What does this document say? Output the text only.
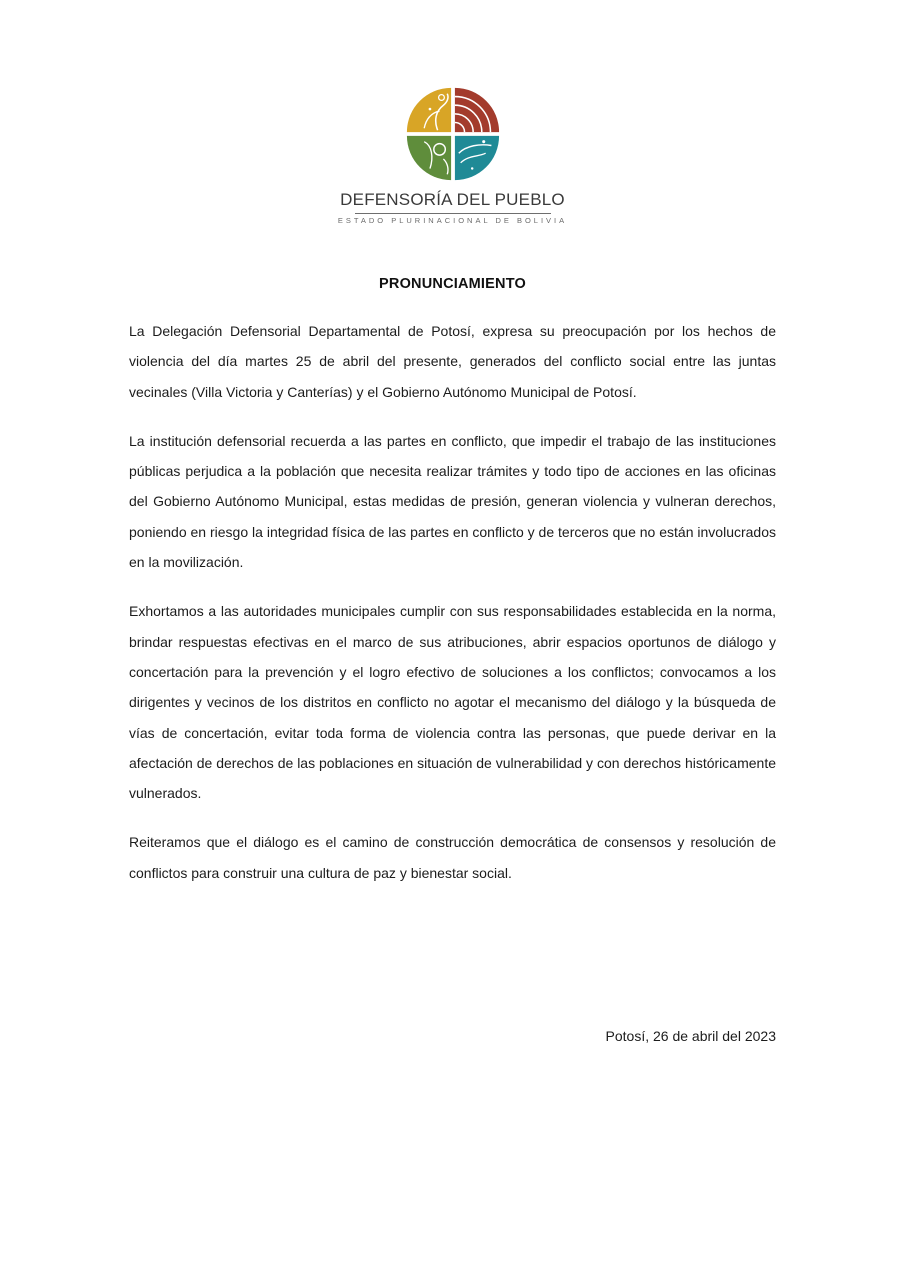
DEFENSORÍA DEL PUEBLO
ESTADO PLURINACIONAL DE BOLIVIA
PRONUNCIAMIENTO

La Delegación Defensorial Departamental de Potosí, expresa su preocupación por los hechos de violencia del día martes 25 de abril del presente, generados del conflicto social entre las juntas vecinales (Villa Victoria y Canterías) y el Gobierno Autónomo Municipal de Potosí.

La institución defensorial recuerda a las partes en conflicto, que impedir el trabajo de las instituciones públicas perjudica a la población que necesita realizar trámites y todo tipo de acciones en las oficinas del Gobierno Autónomo Municipal, estas medidas de presión, generan violencia y vulneran derechos, poniendo en riesgo la integridad física de las partes en conflicto y de terceros que no están involucrados en la movilización.

Exhortamos a las autoridades municipales cumplir con sus responsabilidades establecida en la norma, brindar respuestas efectivas en el marco de sus atribuciones, abrir espacios oportunos de diálogo y concertación para la prevención y el logro efectivo de soluciones a los conflictos; convocamos a los dirigentes y vecinos de los distritos en conflicto no agotar el mecanismo del diálogo y la búsqueda de vías de concertación, evitar toda forma de violencia contra las personas, que puede derivar en la afectación de derechos de las poblaciones en situación de vulnerabilidad y con derechos históricamente vulnerados.

Reiteramos que el diálogo es el camino de construcción democrática de consensos y resolución de conflictos para construir una cultura de paz y bienestar social.

Potosí, 26 de abril del 2023
